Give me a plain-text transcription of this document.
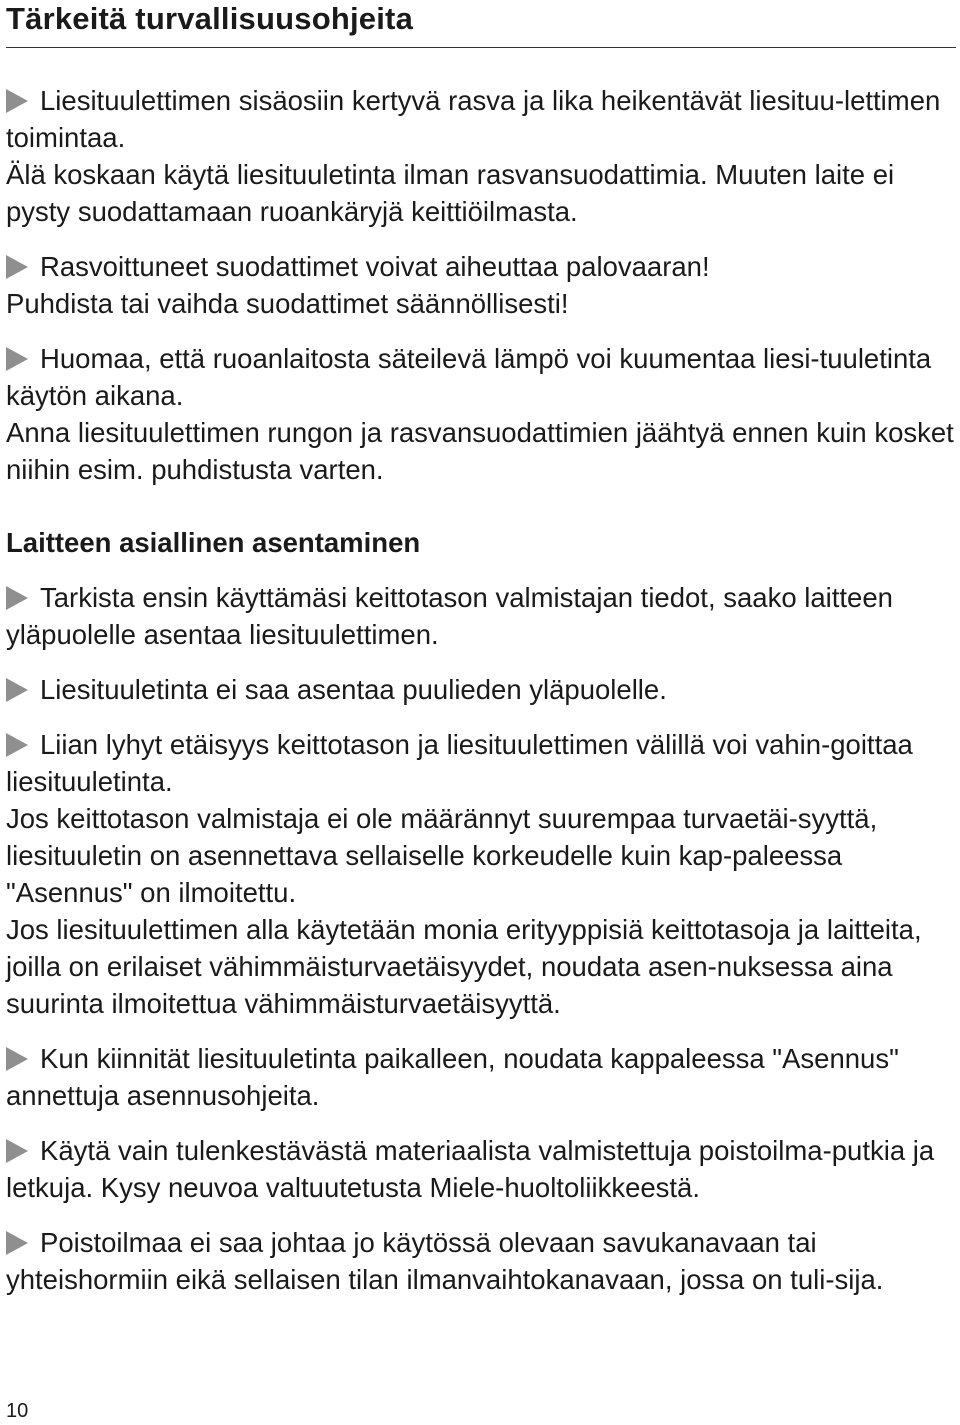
Tärkeitä turvallisuusohjeita

Liesituulettimen sisäosiin kertyvä rasva ja lika heikentävät liesituu-lettimen toimintaa.

Älä koskaan käytä liesituuletinta ilman rasvansuodattimia. Muuten laite ei pysty suodattamaan ruoankäryjä keittiöilmasta.

Rasvoittuneet suodattimet voivat aiheuttaa palovaaran!

Puhdista tai vaihda suodattimet säännöllisesti!

Huomaa, että ruoanlaitosta säteilevä lämpö voi kuumentaa liesi-tuuletinta käytön aikana.

Anna liesituulettimen rungon ja rasvansuodattimien jäähtyä ennen kuin kosket niihin esim. puhdistusta varten.

Laitteen asiallinen asentaminen

Tarkista ensin käyttämäsi keittotason valmistajan tiedot, saako laitteen yläpuolelle asentaa liesituulettimen.

Liesituuletinta ei saa asentaa puulieden yläpuolelle.

Liian lyhyt etäisyys keittotason ja liesituulettimen välillä voi vahin-goittaa liesituuletinta.

Jos keittotason valmistaja ei ole määrännyt suurempaa turvaetäi-syyttä, liesituuletin on asennettava sellaiselle korkeudelle kuin kap-paleessa "Asennus" on ilmoitettu.

Jos liesituulettimen alla käytetään monia erityyppisiä keittotasoja ja laitteita, joilla on erilaiset vähimmäisturvaetäisyydet, noudata asen-nuksessa aina suurinta ilmoitettua vähimmäisturvaetäisyyttä.

Kun kiinnität liesituuletinta paikalleen, noudata kappaleessa "Asennus" annettuja asennusohjeita.

Käytä vain tulenkestävästä materiaalista valmistettuja poistoilma-putkia ja letkuja. Kysy neuvoa valtuutetusta Miele-huoltoliikkeestä.

Poistoilmaa ei saa johtaa jo käytössä olevaan savukanavaan tai yhteishormiin eikä sellaisen tilan ilmanvaihtokanavaan, jossa on tuli-sija.

10
